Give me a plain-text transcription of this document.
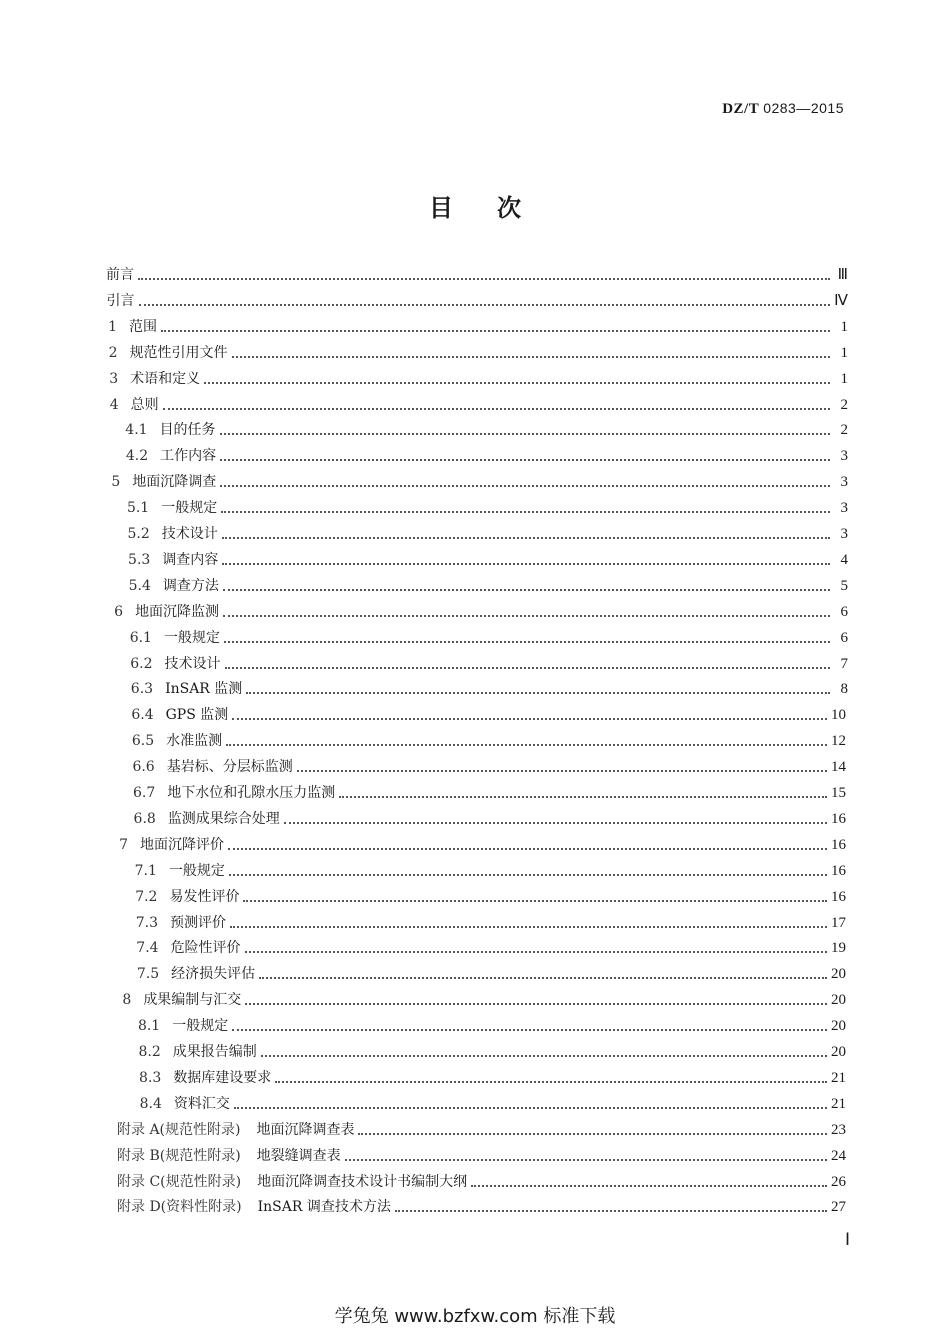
DZ/T 0283—2015
目次
前言	Ⅲ
引言	Ⅳ
1 范围	1
2 规范性引用文件	1
3 术语和定义	1
4 总则	2
4.1 目的任务	2
4.2 工作内容	3
5 地面沉降调查	3
5.1 一般规定	3
5.2 技术设计	3
5.3 调查内容	4
5.4 调查方法	5
6 地面沉降监测	6
6.1 一般规定	6
6.2 技术设计	7
6.3 InSAR 监测	8
6.4 GPS 监测	10
6.5 水准监测	12
6.6 基岩标、分层标监测	14
6.7 地下水位和孔隙水压力监测	15
6.8 监测成果综合处理	16
7 地面沉降评价	16
7.1 一般规定	16
7.2 易发性评价	16
7.3 预测评价	17
7.4 危险性评价	19
7.5 经济损失评估	20
8 成果编制与汇交	20
8.1 一般规定	20
8.2 成果报告编制	20
8.3 数据库建设要求	21
8.4 资料汇交	21
附录 A(规范性附录) 地面沉降调查表	23
附录 B(规范性附录) 地裂缝调查表	24
附录 C(规范性附录) 地面沉降调查技术设计书编制大纲	26
附录 D(资料性附录) InSAR 调查技术方法	27
Ⅰ
学兔兔 www.bzfxw.com 标准下载
